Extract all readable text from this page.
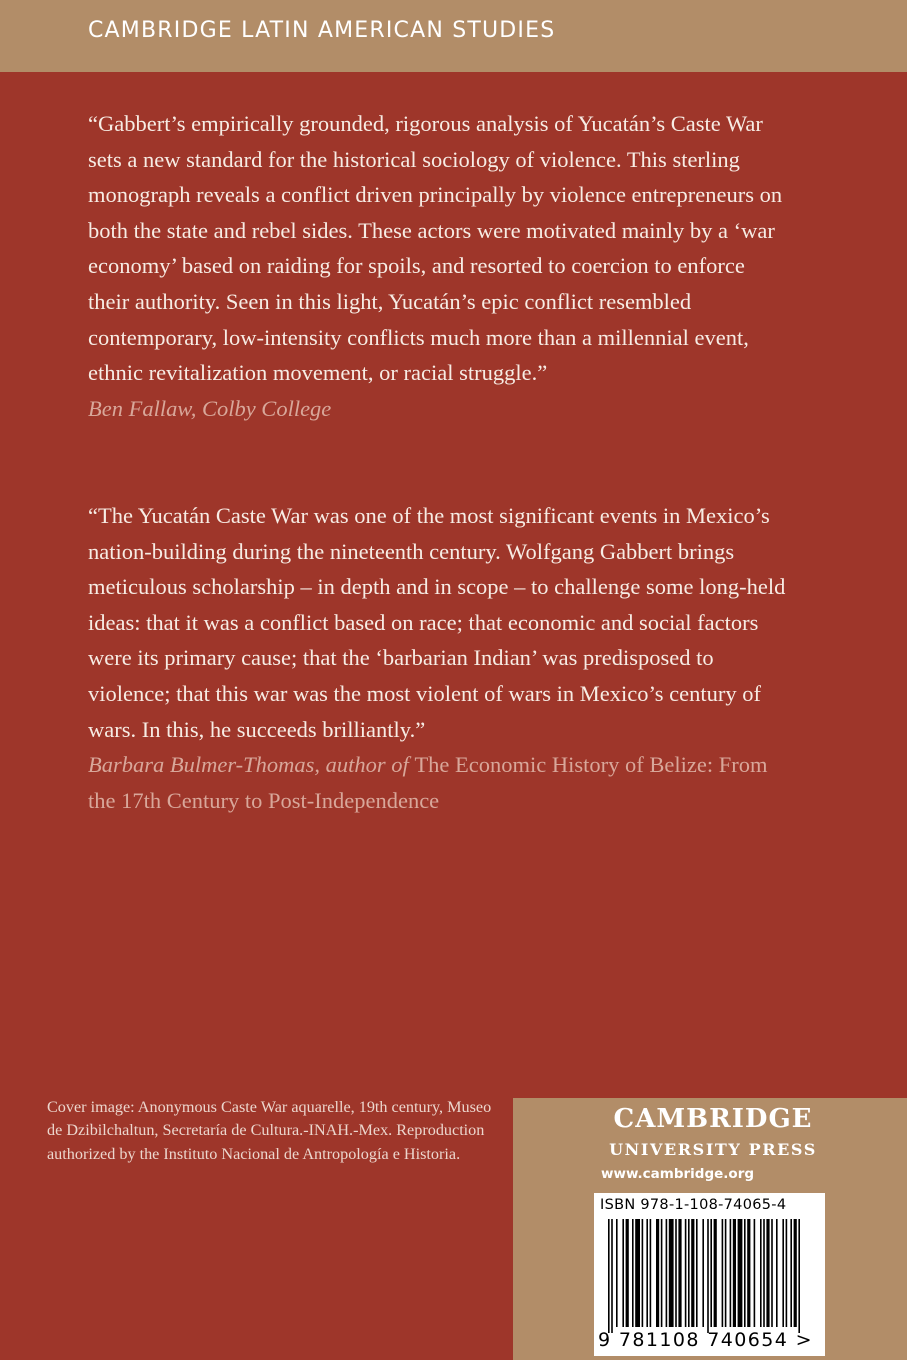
CAMBRIDGE LATIN AMERICAN STUDIES

“Gabbert’s empirically grounded, rigorous analysis of Yucatán’s Caste War sets a new standard for the historical sociology of violence. This sterling monograph reveals a conflict driven principally by violence entrepreneurs on both the state and rebel sides. These actors were motivated mainly by a ‘war economy’ based on raiding for spoils, and resorted to coercion to enforce their authority. Seen in this light, Yucatán’s epic conflict resembled contemporary, low-intensity conflicts much more than a millennial event, ethnic revitalization movement, or racial struggle.”

Ben Fallaw, Colby College

“The Yucatán Caste War was one of the most significant events in Mexico’s nation-building during the nineteenth century. Wolfgang Gabbert brings meticulous scholarship – in depth and in scope – to challenge some long-held ideas: that it was a conflict based on race; that economic and social factors were its primary cause; that the ‘barbarian Indian’ was predisposed to violence; that this war was the most violent of wars in Mexico’s century of wars. In this, he succeeds brilliantly.”

Barbara Bulmer-Thomas, author of The Economic History of Belize: From the 17th Century to Post-Independence

Cover image: Anonymous Caste War aquarelle, 19th century, Museo de Dzibilchaltun, Secretaría de Cultura.-INAH.-Mex. Reproduction authorized by the Instituto Nacional de Antropología e Historia.
CAMBRIDGE
UNIVERSITY PRESS
www.cambridge.org
ISBN 978-1-108-74065-4
9 781108 740654 >
